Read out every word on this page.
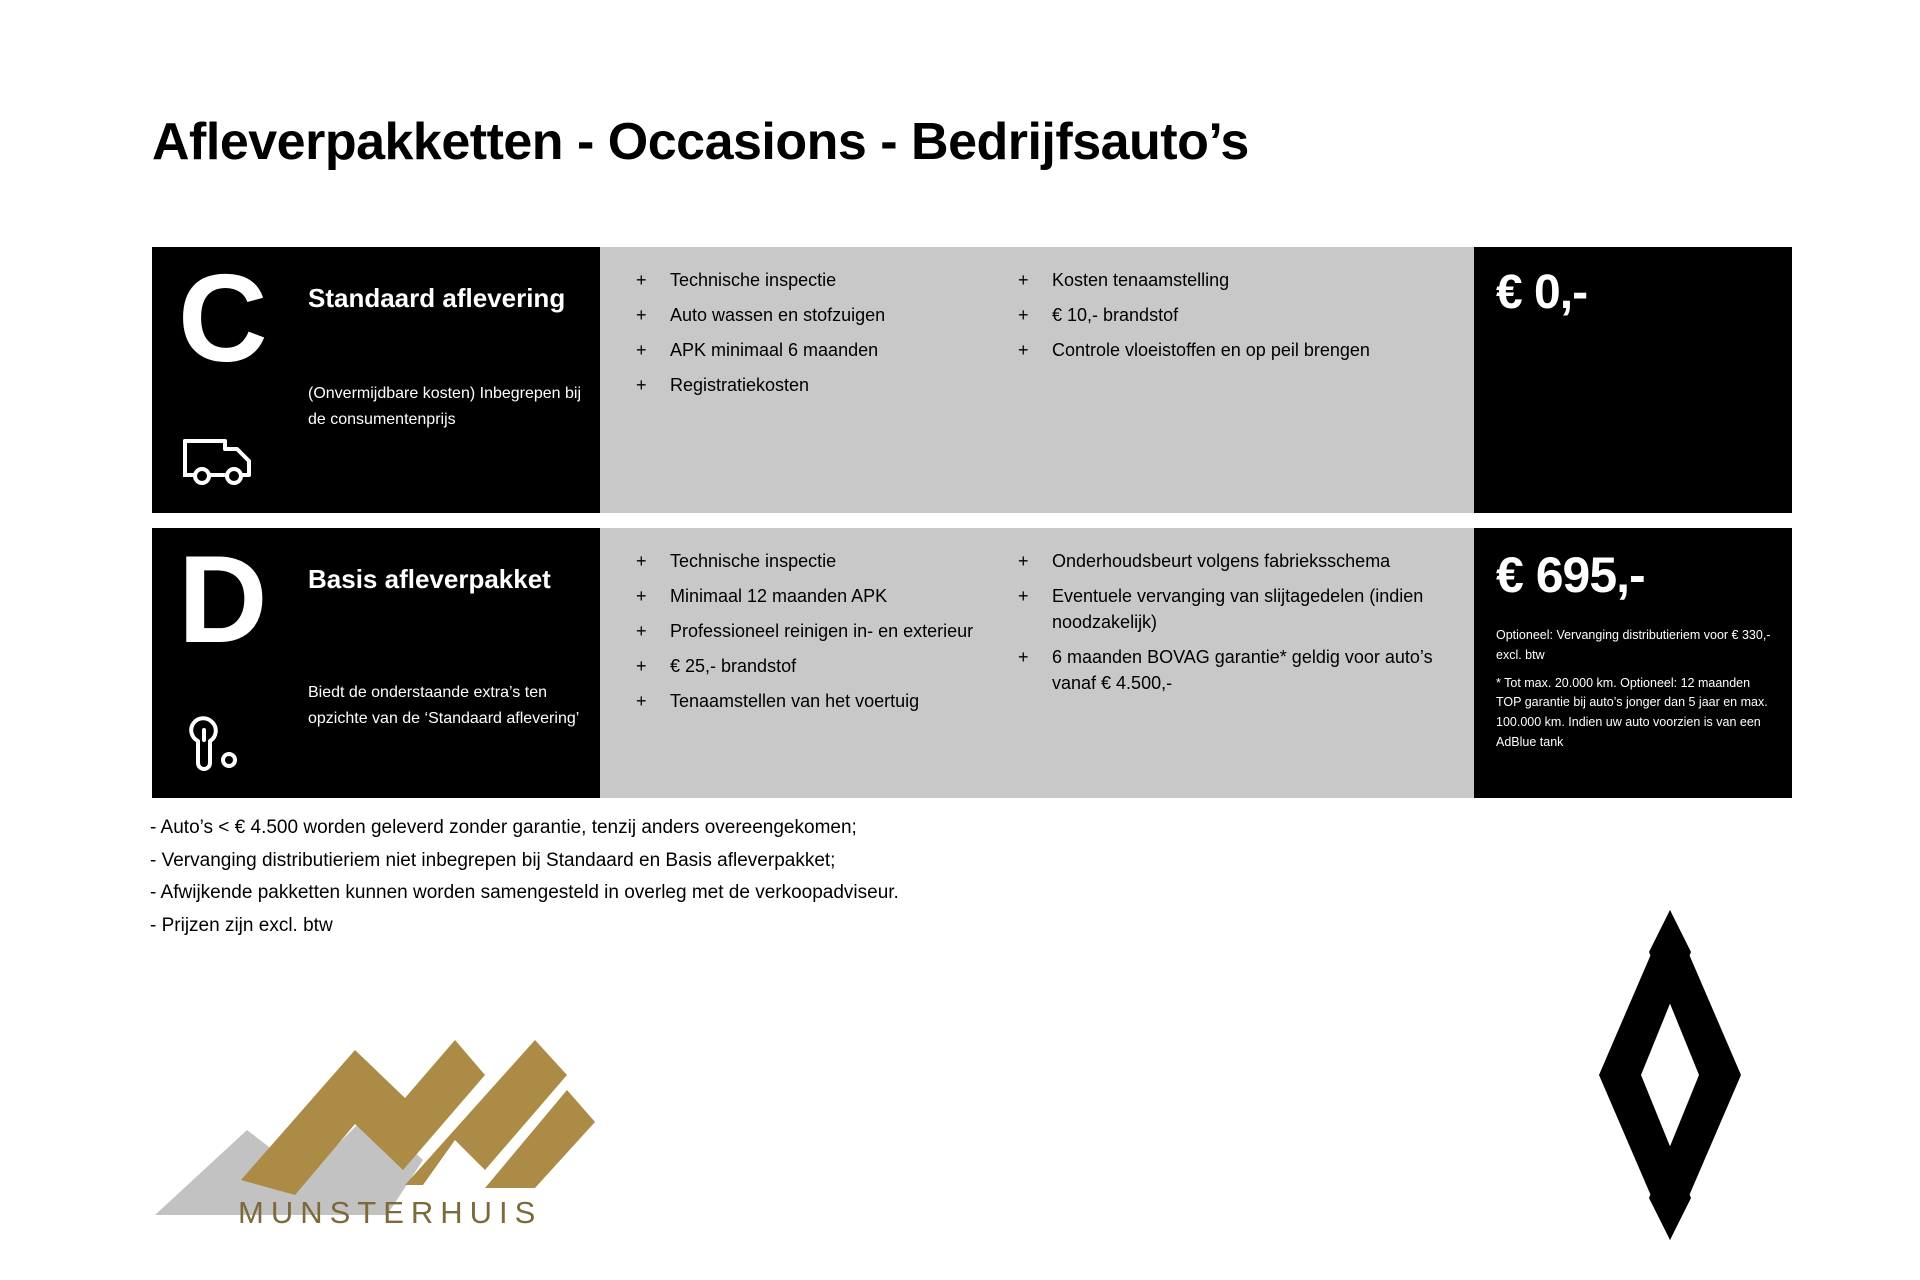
Afleverpakketten - Occasions - Bedrijfsauto’s
C Standaard aflevering
(Onvermijdbare kosten) Inbegrepen bij de consumentenprijs
+	Technische inspectie
+	Auto wassen en stofzuigen
+	APK minimaal 6 maanden
+	Registratiekosten
+	Kosten tenaamstelling
+	€ 10,- brandstof
+	Controle vloeistoffen en op peil brengen
€ 0,-
D Basis afleverpakket
Biedt de onderstaande extra’s ten opzichte van de ‘Standaard aflevering’
+	Technische inspectie
+	Minimaal 12 maanden APK
+	Professioneel reinigen in- en exterieur
+	€ 25,- brandstof
+	Tenaamstellen van het voertuig
+	Onderhoudsbeurt volgens fabrieksschema
+	Eventuele vervanging van slijtagedelen (indien noodzakelijk)
+	6 maanden BOVAG garantie* geldig voor auto’s vanaf € 4.500,-
€ 695,-

Optioneel: Vervanging distributieriem voor € 330,- excl. btw

* Tot max. 20.000 km. Optioneel: 12 maanden TOP garantie bij auto’s jonger dan 5 jaar en max. 100.000 km. Indien uw auto voorzien is van een AdBlue tank

- Auto’s < € 4.500 worden geleverd zonder garantie, tenzij anders overeengekomen;
- Vervanging distributieriem niet inbegrepen bij Standaard en Basis afleverpakket;
- Afwijkende pakketten kunnen worden samengesteld in overleg met de verkoopadviseur.
- Prijzen zijn excl. btw
MUNSTERHUIS
